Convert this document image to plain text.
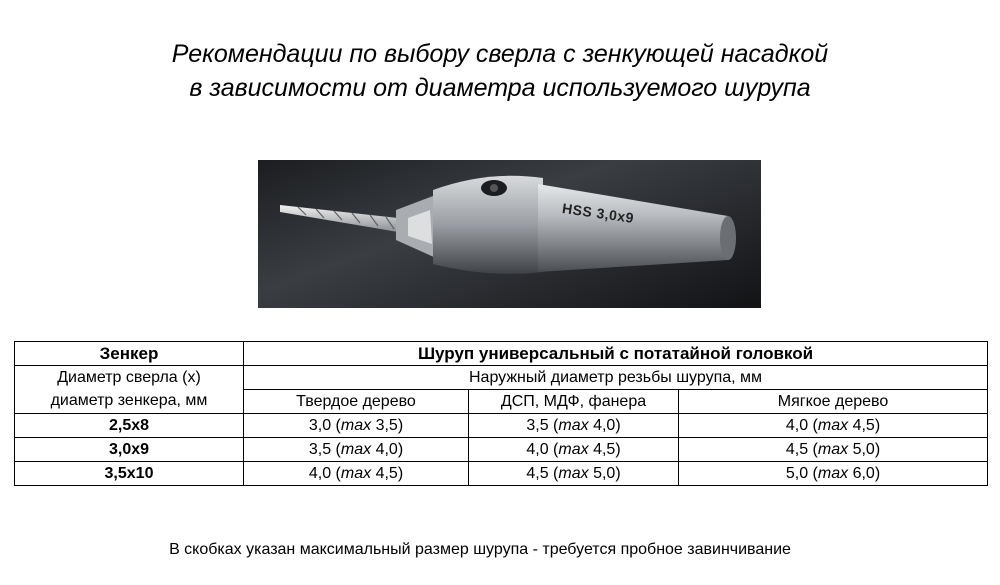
Рекомендации по выбору сверла с зенкующей насадкой
в зависимости от диаметра используемого шурупа
HSS 3,0x9
Зенкер	Шуруп универсальный с потатайной головкой		
Диаметр сверла (х)	Наружный диаметр резьбы шурупа, мм		
диаметр зенкера, мм	Твердое дерево	ДСП, МДФ, фанера	Мягкое дерево
2,5х8	3,0 (max 3,5)	3,5 (max 4,0)	4,0 (max 4,5)
3,0х9	3,5 (max 4,0)	4,0 (max 4,5)	4,5 (max 5,0)
3,5х10	4,0 (max 4,5)	4,5 (max 5,0)	5,0 (max 6,0)
В скобках указан максимальный размер шурупа - требуется пробное завинчивание
